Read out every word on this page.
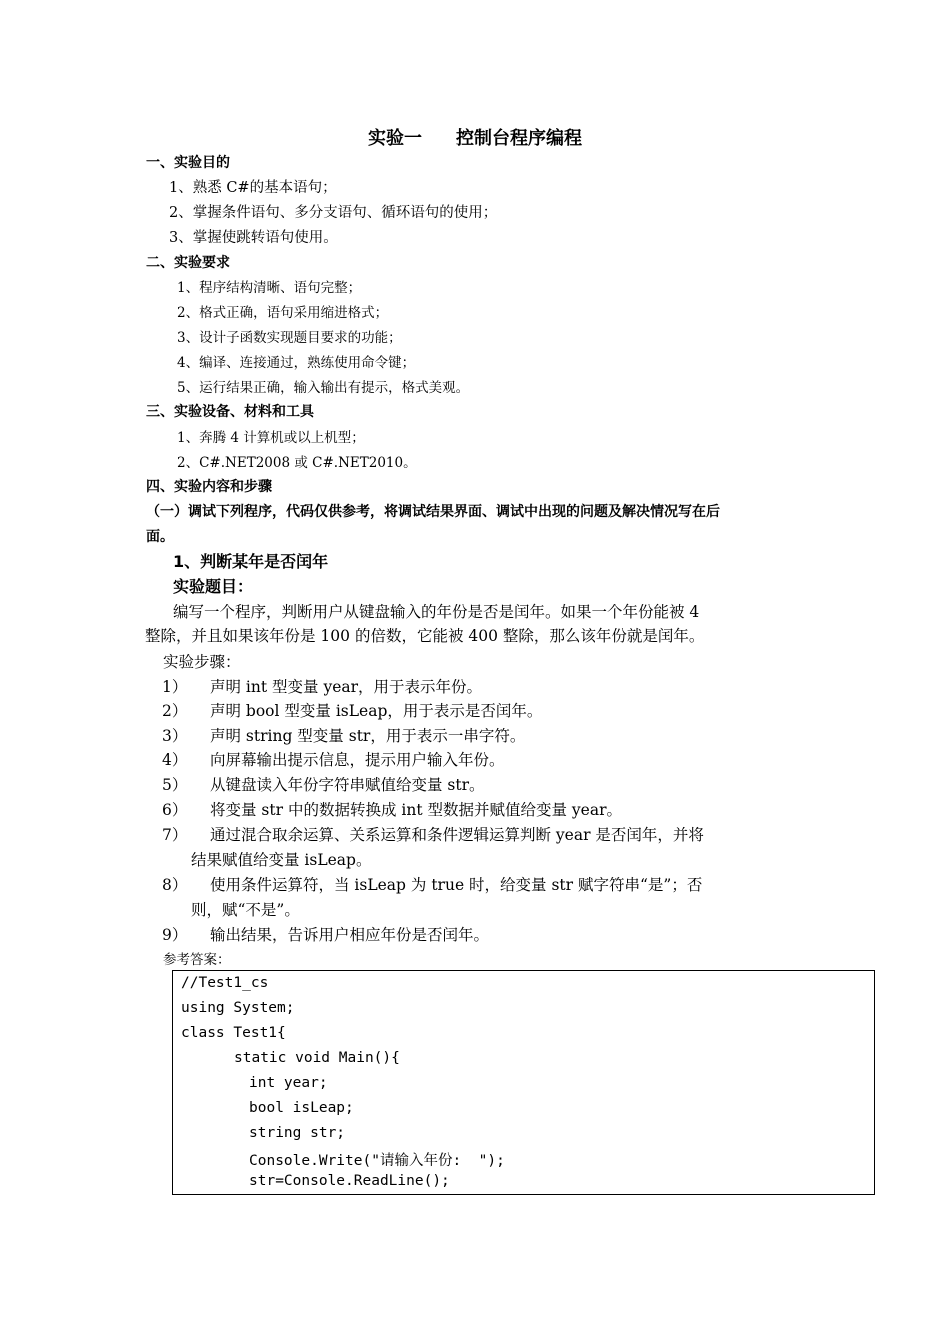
实验一 控制台程序编程
一、实验目的
1、熟悉 C#的基本语句；
2、掌握条件语句、多分支语句、循环语句的使用；
3、掌握使跳转语句使用。
二、实验要求
1、程序结构清晰、语句完整；
2、格式正确，语句采用缩进格式；
3、设计子函数实现题目要求的功能；
4、编译、连接通过，熟练使用命令键；
5、运行结果正确，输入输出有提示，格式美观。
三、实验设备、材料和工具
1、奔腾 4 计算机或以上机型；
2、C#.NET2008 或 C#.NET2010。
四、实验内容和步骤
（一）调试下列程序，代码仅供参考，将调试结果界面、调试中出现的问题及解决情况写在后
面。
1、判断某年是否闰年
实验题目：
编写一个程序，判断用户从键盘输入的年份是否是闰年。如果一个年份能被 4
整除，并且如果该年份是 100 的倍数，它能被 400 整除，那么该年份就是闰年。
实验步骤：
1） 声明 int 型变量 year，用于表示年份。
2） 声明 bool 型变量 isLeap，用于表示是否闰年。
3） 声明 string 型变量 str，用于表示一串字符。
4） 向屏幕输出提示信息，提示用户输入年份。
5） 从键盘读入年份字符串赋值给变量 str。
6） 将变量 str 中的数据转换成 int 型数据并赋值给变量 year。
7） 通过混合取余运算、关系运算和条件逻辑运算判断 year 是否闰年，并将
结果赋值给变量 isLeap。
8） 使用条件运算符，当 isLeap 为 true 时，给变量 str 赋字符串“是”；否
则，赋“不是”。
9） 输出结果，告诉用户相应年份是否闰年。
参考答案：
//Test1_cs
using System;
class Test1{
static void Main(){
int year;
bool isLeap;
string str;
Console.Write("请输入年份:  ");
str=Console.ReadLine();
